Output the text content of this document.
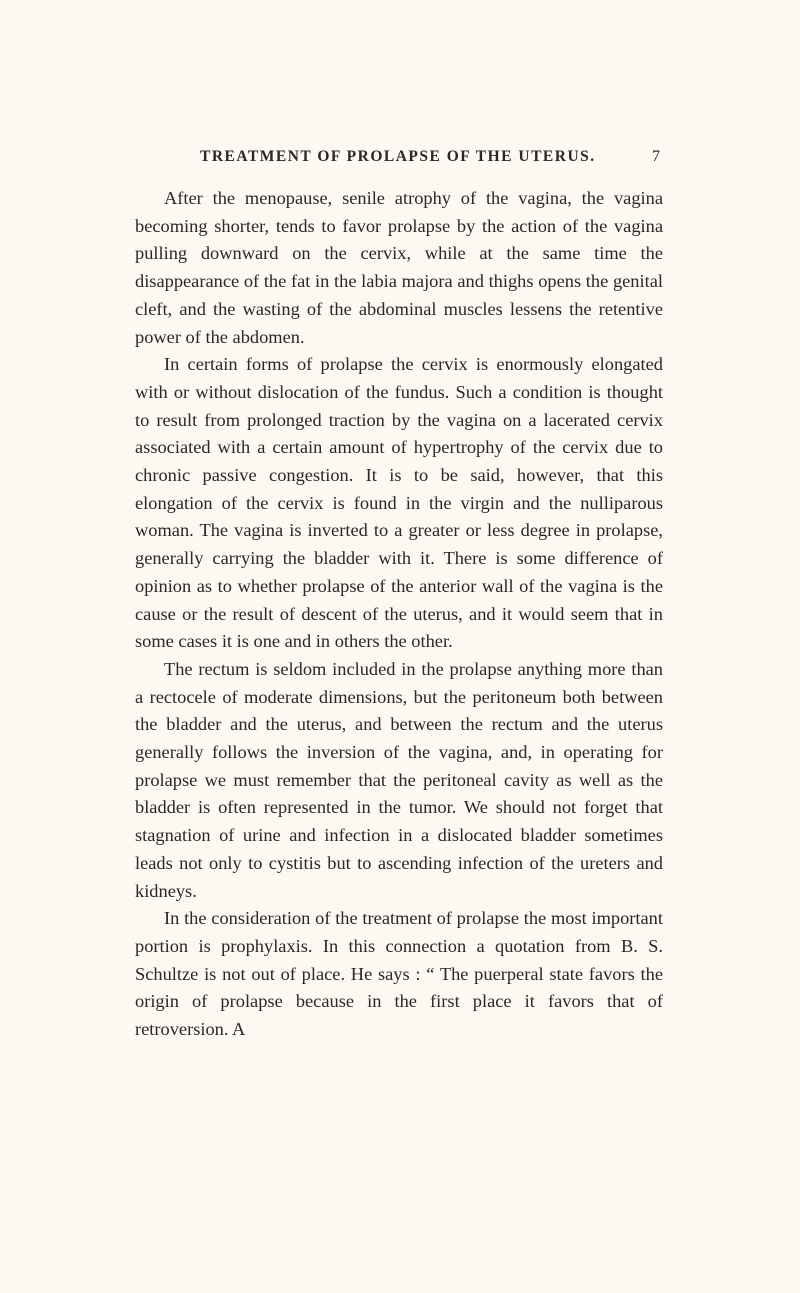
TREATMENT OF PROLAPSE OF THE UTERUS.	7

After the menopause, senile atrophy of the vagina, the vagina becoming shorter, tends to favor prolapse by the action of the vagina pulling downward on the cervix, while at the same time the disappearance of the fat in the labia majora and thighs opens the genital cleft, and the wasting of the abdominal muscles lessens the retentive power of the abdomen.

In certain forms of prolapse the cervix is enormously elongated with or without dislocation of the fundus. Such a condition is thought to result from prolonged traction by the vagina on a lacerated cervix associated with a certain amount of hypertrophy of the cervix due to chronic passive congestion. It is to be said, however, that this elongation of the cervix is found in the virgin and the nulliparous woman. The vagina is inverted to a greater or less degree in prolapse, generally carrying the bladder with it. There is some difference of opinion as to whether prolapse of the anterior wall of the vagina is the cause or the result of descent of the uterus, and it would seem that in some cases it is one and in others the other.

The rectum is seldom included in the prolapse anything more than a rectocele of moderate dimensions, but the peritoneum both between the bladder and the uterus, and between the rectum and the uterus generally follows the inversion of the vagina, and, in operating for prolapse we must remember that the peritoneal cavity as well as the bladder is often represented in the tumor. We should not forget that stagnation of urine and infection in a dislocated bladder sometimes leads not only to cystitis but to ascending infection of the ureters and kidneys.

In the consideration of the treatment of prolapse the most important portion is prophylaxis. In this connection a quotation from B. S. Schultze is not out of place. He says : “ The puerperal state favors the origin of prolapse because in the first place it favors that of retroversion. A
